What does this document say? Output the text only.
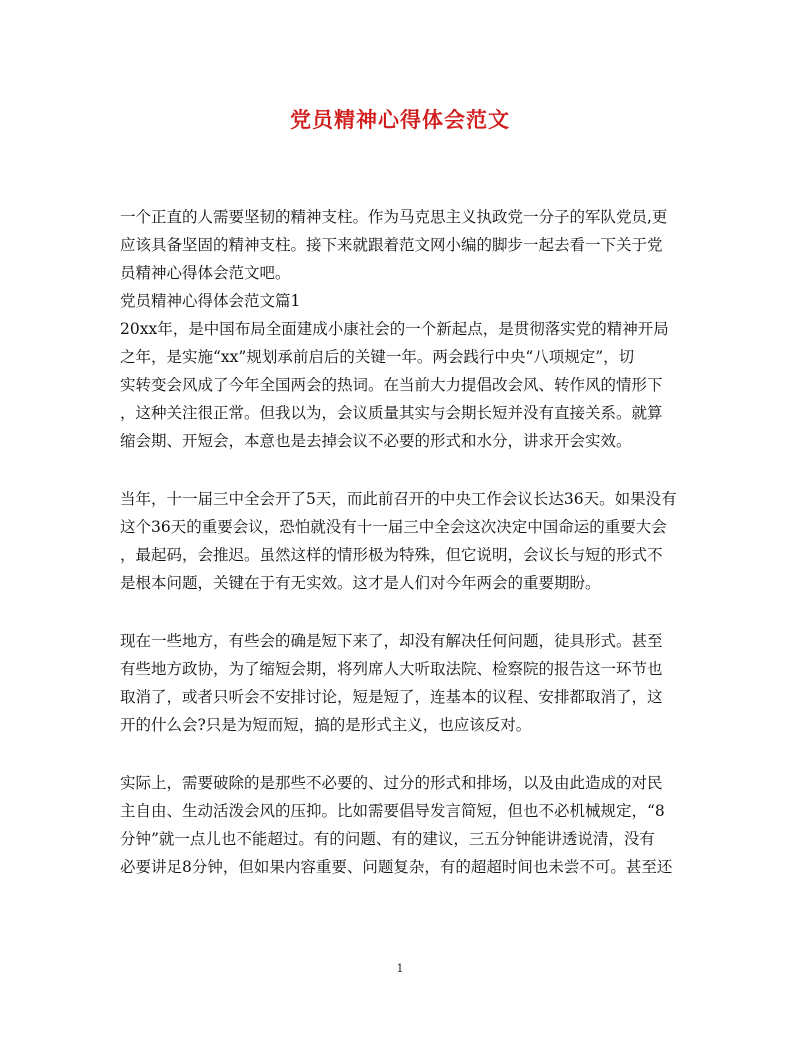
党员精神心得体会范文
一个正直的人需要坚韧的精神支柱。作为马克思主义执政党一分子的军队党员,更
应该具备坚固的精神支柱。接下来就跟着范文网小编的脚步一起去看一下关于党
员精神心得体会范文吧。
党员精神心得体会范文篇1
20xx年，是中国布局全面建成小康社会的一个新起点，是贯彻落实党的精神开局
之年，是实施“xx”规划承前启后的关键一年。两会践行中央“八项规定”，切
实转变会风成了今年全国两会的热词。在当前大力提倡改会风、转作风的情形下
，这种关注很正常。但我以为，会议质量其实与会期长短并没有直接关系。就算
缩会期、开短会，本意也是去掉会议不必要的形式和水分，讲求开会实效。
当年，十一届三中全会开了5天，而此前召开的中央工作会议长达36天。如果没有
这个36天的重要会议，恐怕就没有十一届三中全会这次决定中国命运的重要大会
，最起码，会推迟。虽然这样的情形极为特殊，但它说明，会议长与短的形式不
是根本问题，关键在于有无实效。这才是人们对今年两会的重要期盼。
现在一些地方，有些会的确是短下来了，却没有解决任何问题，徒具形式。甚至
有些地方政协，为了缩短会期，将列席人大听取法院、检察院的报告这一环节也
取消了，或者只听会不安排讨论，短是短了，连基本的议程、安排都取消了，这
开的什么会?只是为短而短，搞的是形式主义，也应该反对。
实际上，需要破除的是那些不必要的、过分的形式和排场，以及由此造成的对民
主自由、生动活泼会风的压抑。比如需要倡导发言简短，但也不必机械规定，“8
分钟”就一点儿也不能超过。有的问题、有的建议，三五分钟能讲透说清，没有
必要讲足8分钟，但如果内容重要、问题复杂，有的超超时间也未尝不可。甚至还
1
